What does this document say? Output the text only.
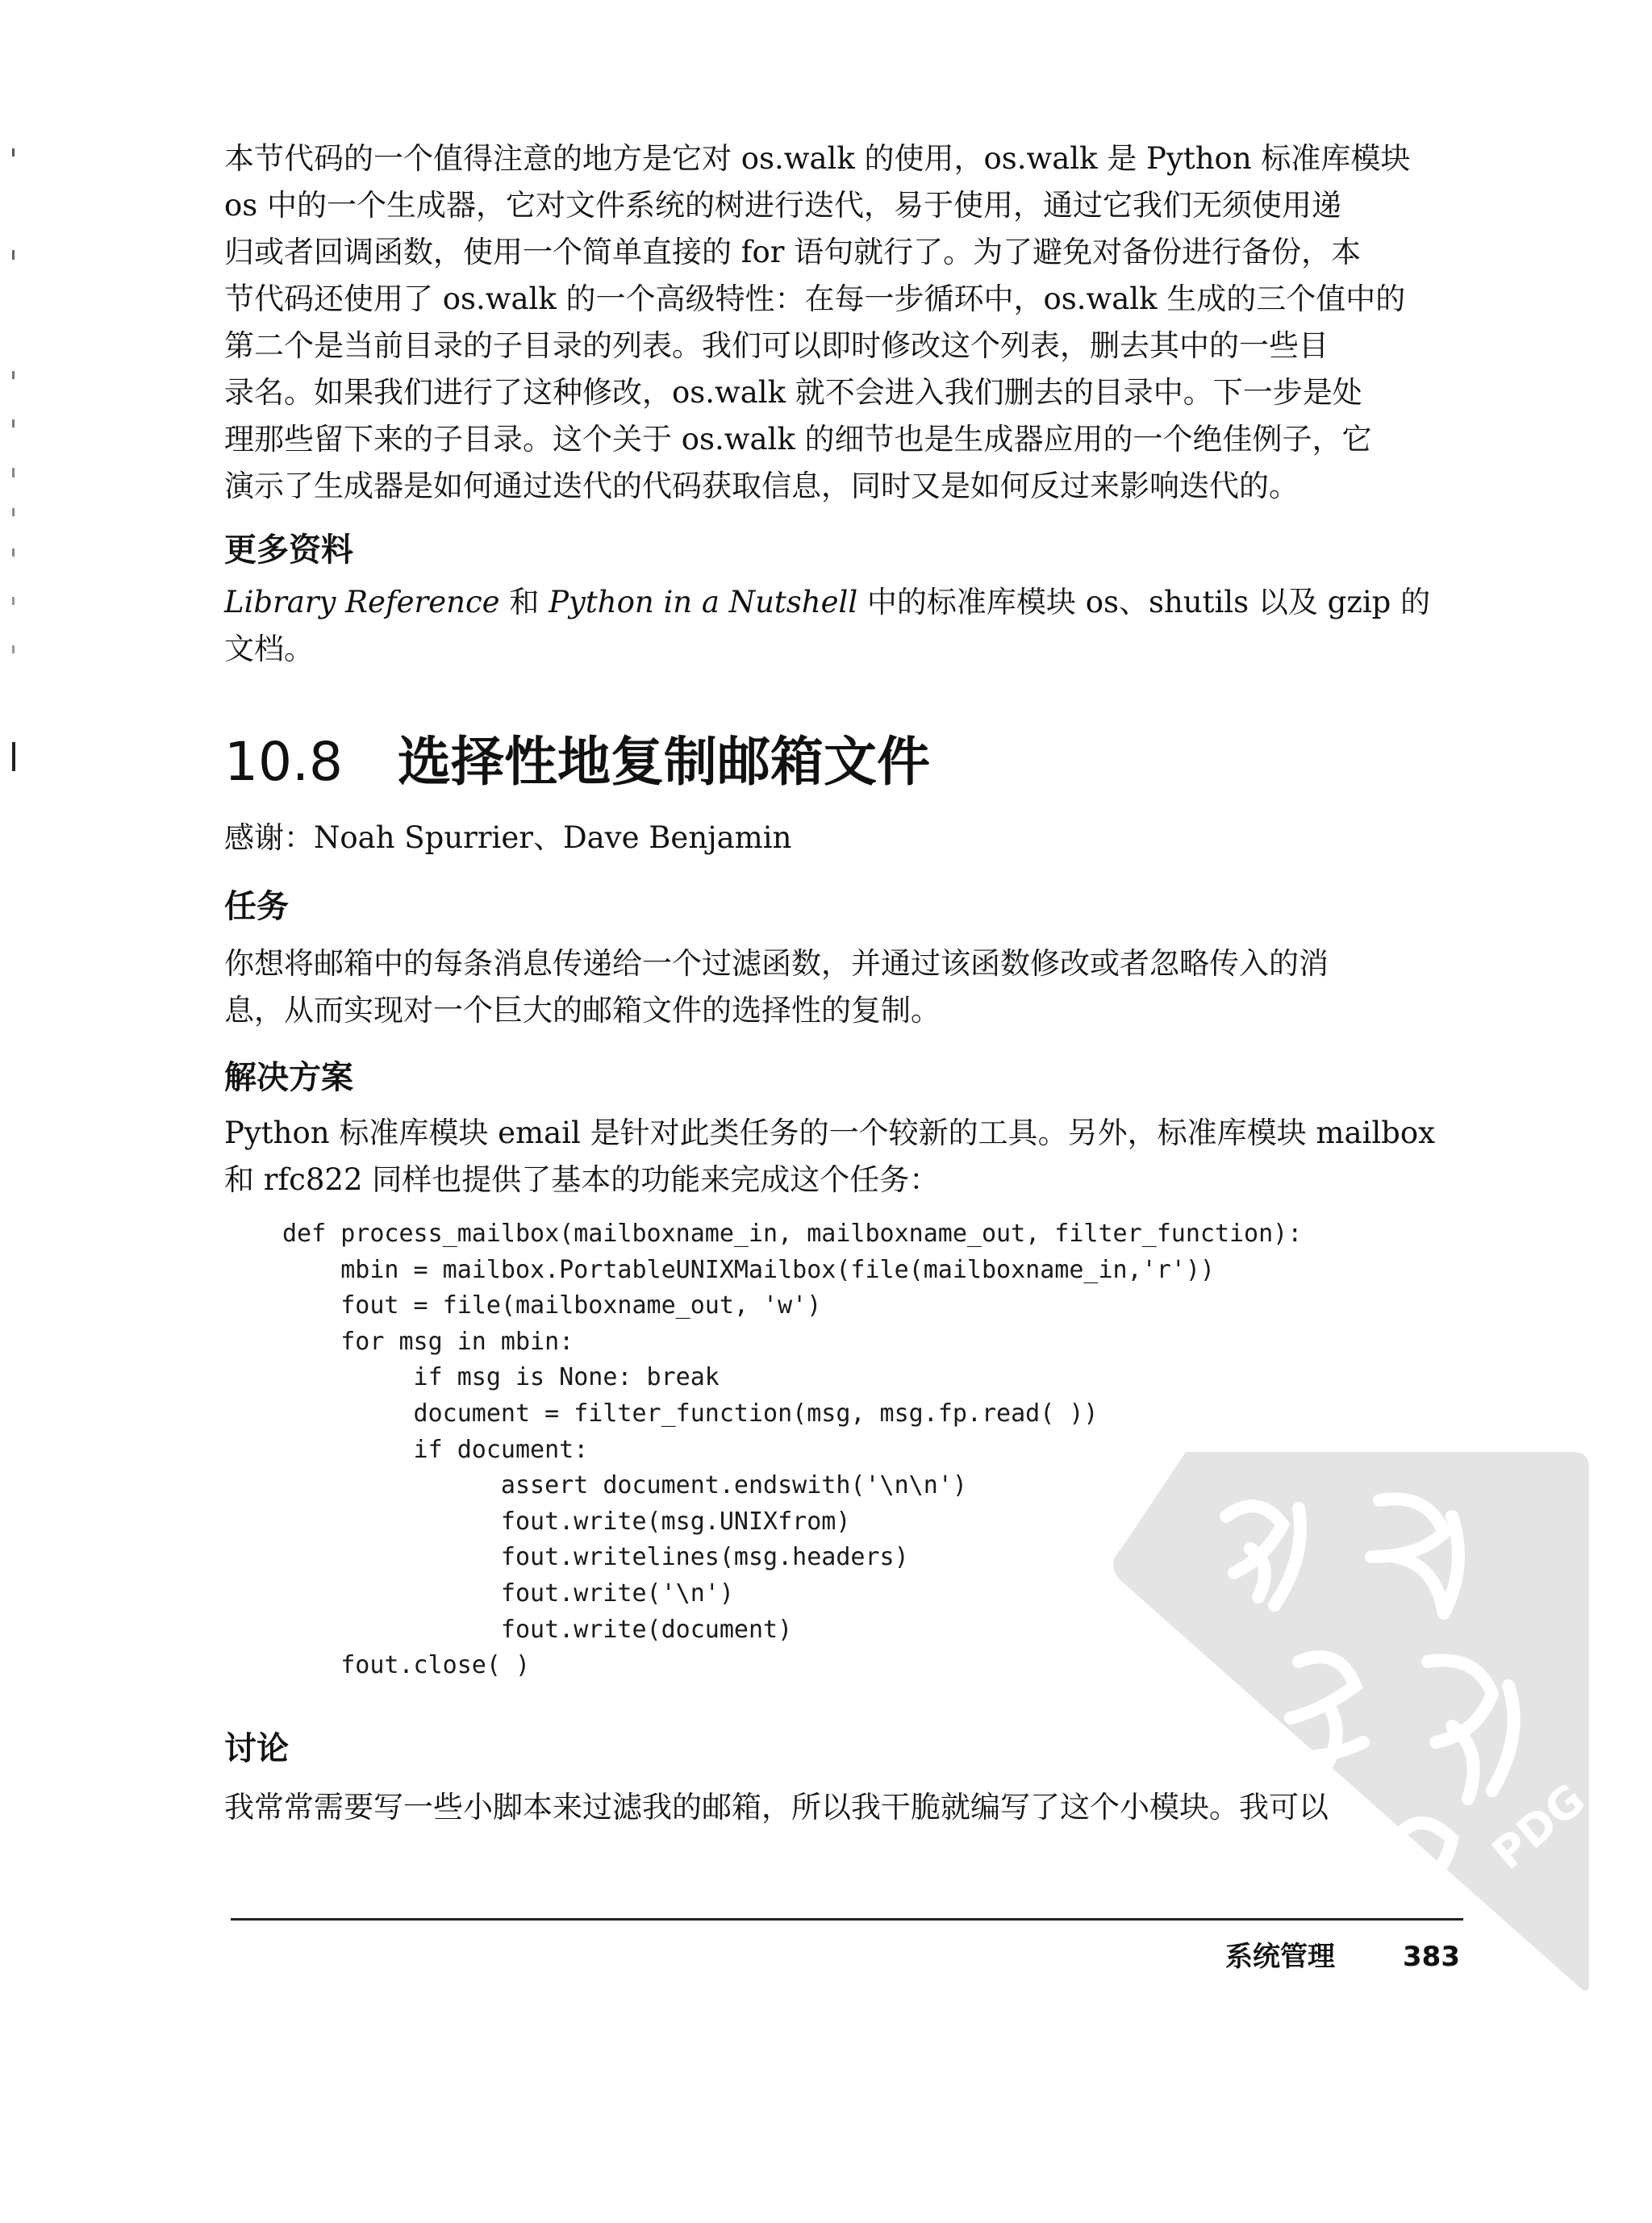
本节代码的一个值得注意的地方是它对 os.walk 的使用，os.walk 是 Python 标准库模块

os 中的一个生成器，它对文件系统的树进行迭代，易于使用，通过它我们无须使用递

归或者回调函数，使用一个简单直接的 for 语句就行了。为了避免对备份进行备份，本

节代码还使用了 os.walk 的一个高级特性：在每一步循环中，os.walk 生成的三个值中的

第二个是当前目录的子目录的列表。我们可以即时修改这个列表，删去其中的一些目

录名。如果我们进行了这种修改，os.walk 就不会进入我们删去的目录中。下一步是处

理那些留下来的子目录。这个关于 os.walk 的细节也是生成器应用的一个绝佳例子，它

演示了生成器是如何通过迭代的代码获取信息，同时又是如何反过来影响迭代的。

更多资料

Library Reference 和 Python in a Nutshell 中的标准库模块 os、shutils 以及 gzip 的文档。

10.8 选择性地复制邮箱文件

感谢：Noah Spurrier、Dave Benjamin

任务

你想将邮箱中的每条消息传递给一个过滤函数，并通过该函数修改或者忽略传入的消

息，从而实现对一个巨大的邮箱文件的选择性的复制。

解决方案

Python 标准库模块 email 是针对此类任务的一个较新的工具。另外，标准库模块 mailbox

和 rfc822 同样也提供了基本的功能来完成这个任务：

def process_mailbox(mailboxname_in, mailboxname_out, filter_function):
mbin = mailbox.PortableUNIXMailbox(file(mailboxname_in,'r'))
fout = file(mailboxname_out, 'w')
for msg in mbin:
if msg is None: break
document = filter_function(msg, msg.fp.read( ))
if document:
assert document.endswith('\n\n')
fout.write(msg.UNIXfrom)
fout.writelines(msg.headers)
fout.write('\n')
fout.write(document)
fout.close( )
讨论

我常常需要写一些小脚本来过滤我的邮箱，所以我干脆就编写了这个小模块。我可以	PDG
系统管理 383
